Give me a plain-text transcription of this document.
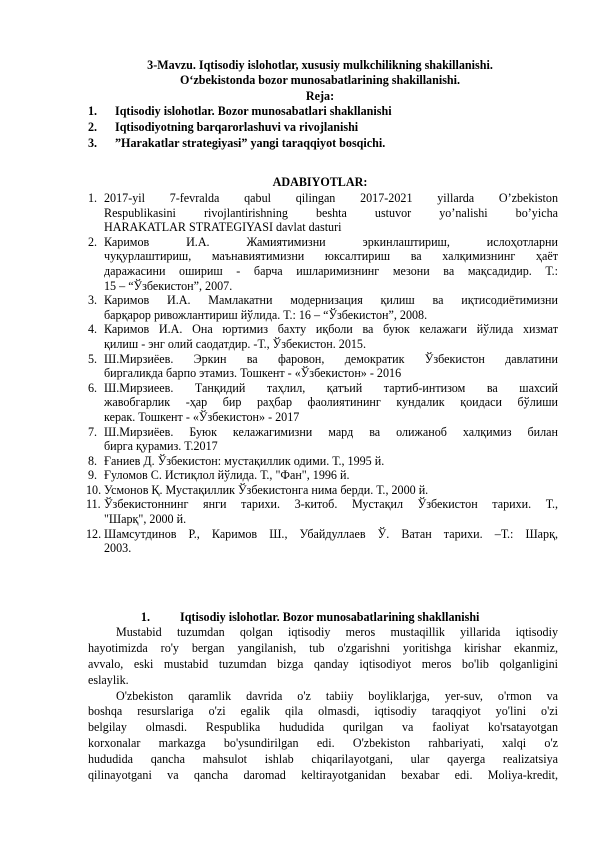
3-Mavzu. Iqtisodiy islohotlar, xususiy mulkchilikning shakillanishi.
O‘zbekistonda bozor munosabatlarining shakillanishi.
Reja:
1.	Iqtisodiy islohotlar. Bozor munosabatlari shakllanishi
2.	Iqtisodiyotning barqarorlashuvi va rivojlanishi
3.	”Harakatlar strategiyasi” yangi taraqqiyot bosqichi.
ADABIYOTLAR:
1. 2017-yil 7-fevralda qabul qilingan 2017-2021 yillarda O’zbekiston
Respublikasini rivojlantirishning beshta ustuvor yo’nalishi bo’yicha
HARAKATLAR STRATEGIYASI davlat dasturi
2. Каримов И.А. Жамиятимизни эркинлаштириш, ислоҳотларни
чуқурлаштириш, маънавиятимизни юксалтириш ва халқимизнинг ҳаёт
даражасини ошириш - барча ишларимизнинг мезони ва мақсадидир. Т.:
15 – “Ўзбекистон”, 2007.
3. Каримов И.А. Мамлакатни модернизация қилиш ва иқтисодиётимизни
барқарор ривожлантириш йўлида. Т.: 16 – “Ўзбекистон”, 2008.
4. Каримов И.А. Она юртимиз бахту иқболи ва буюк келажаги йўлида хизмат
қилиш - энг олий саодатдир. -Т., Ўзбекистон. 2015.
5. Ш.Мирзиёев. Эркин ва фаровон, демократик Ўзбекистон давлатини
биргаликда барпо этамиз. Тошкент - «Ўзбекистон» - 2016
6. Ш.Мирзиеев. Танқидий таҳлил, қатъий тартиб-интизом ва шахсий
жавобгарлик -ҳар бир раҳбар фаолиятининг кундалик қоидаси бўлиши
керак. Тошкент - «Ўзбекистон» - 2017
7. Ш.Мирзиёев. Буюк келажагимизни мард ва олижаноб халқимиз билан
бирга қурамиз. Т.2017
8. Ғаниев Д. Ўзбекистон: мустақиллик одими. Т., 1995 й.
9. Ғуломов С. Истиқлол йўлида. Т., "Фан", 1996 й.
10. Усмонов Қ. Мустақиллик Ўзбекистонга нима берди. Т., 2000 й.
11. Ўзбекистоннинг янги тарихи. 3-китоб. Мустақил Ўзбекистон тарихи. Т.,
"Шарқ", 2000 й.
12. Шамсутдинов Р., Каримов Ш., Убайдуллаев Ў. Ватан тарихи. –Т.: Шарқ,
2003.
1.	Iqtisodiy islohotlar. Bozor munosabatlarining shakllanishi
Mustabid tuzumdan qolgan iqtisodiy meros mustaqillik yillarida iqtisodiy
hayotimizda ro'y bergan yangilanish, tub o'zgarishni yoritishga kirishar ekanmiz,
avvalo, eski mustabid tuzumdan bizga qanday iqtisodiyot meros bo'lib qolganligini
eslaylik.
O'zbekiston qaramlik davrida o'z tabiiy boyliklarjga, yer-suv, o'rmon va
boshqa resurslariga o'zi egalik qila olmasdi, iqtisodiy taraqqiyot yo'lini o'zi
belgilay olmasdi. Respublika hududida qurilgan va faoliyat ko'rsatayotgan
korxonalar markazga bo'ysundirilgan edi. O'zbekiston rahbariyati, xalqi o'z
hududida qancha mahsulot ishlab chiqarilayotgani, ular qayerga realizatsiya
qilinayotgani va qancha daromad keltirayotganidan bexabar edi. Moliya-kredit,
